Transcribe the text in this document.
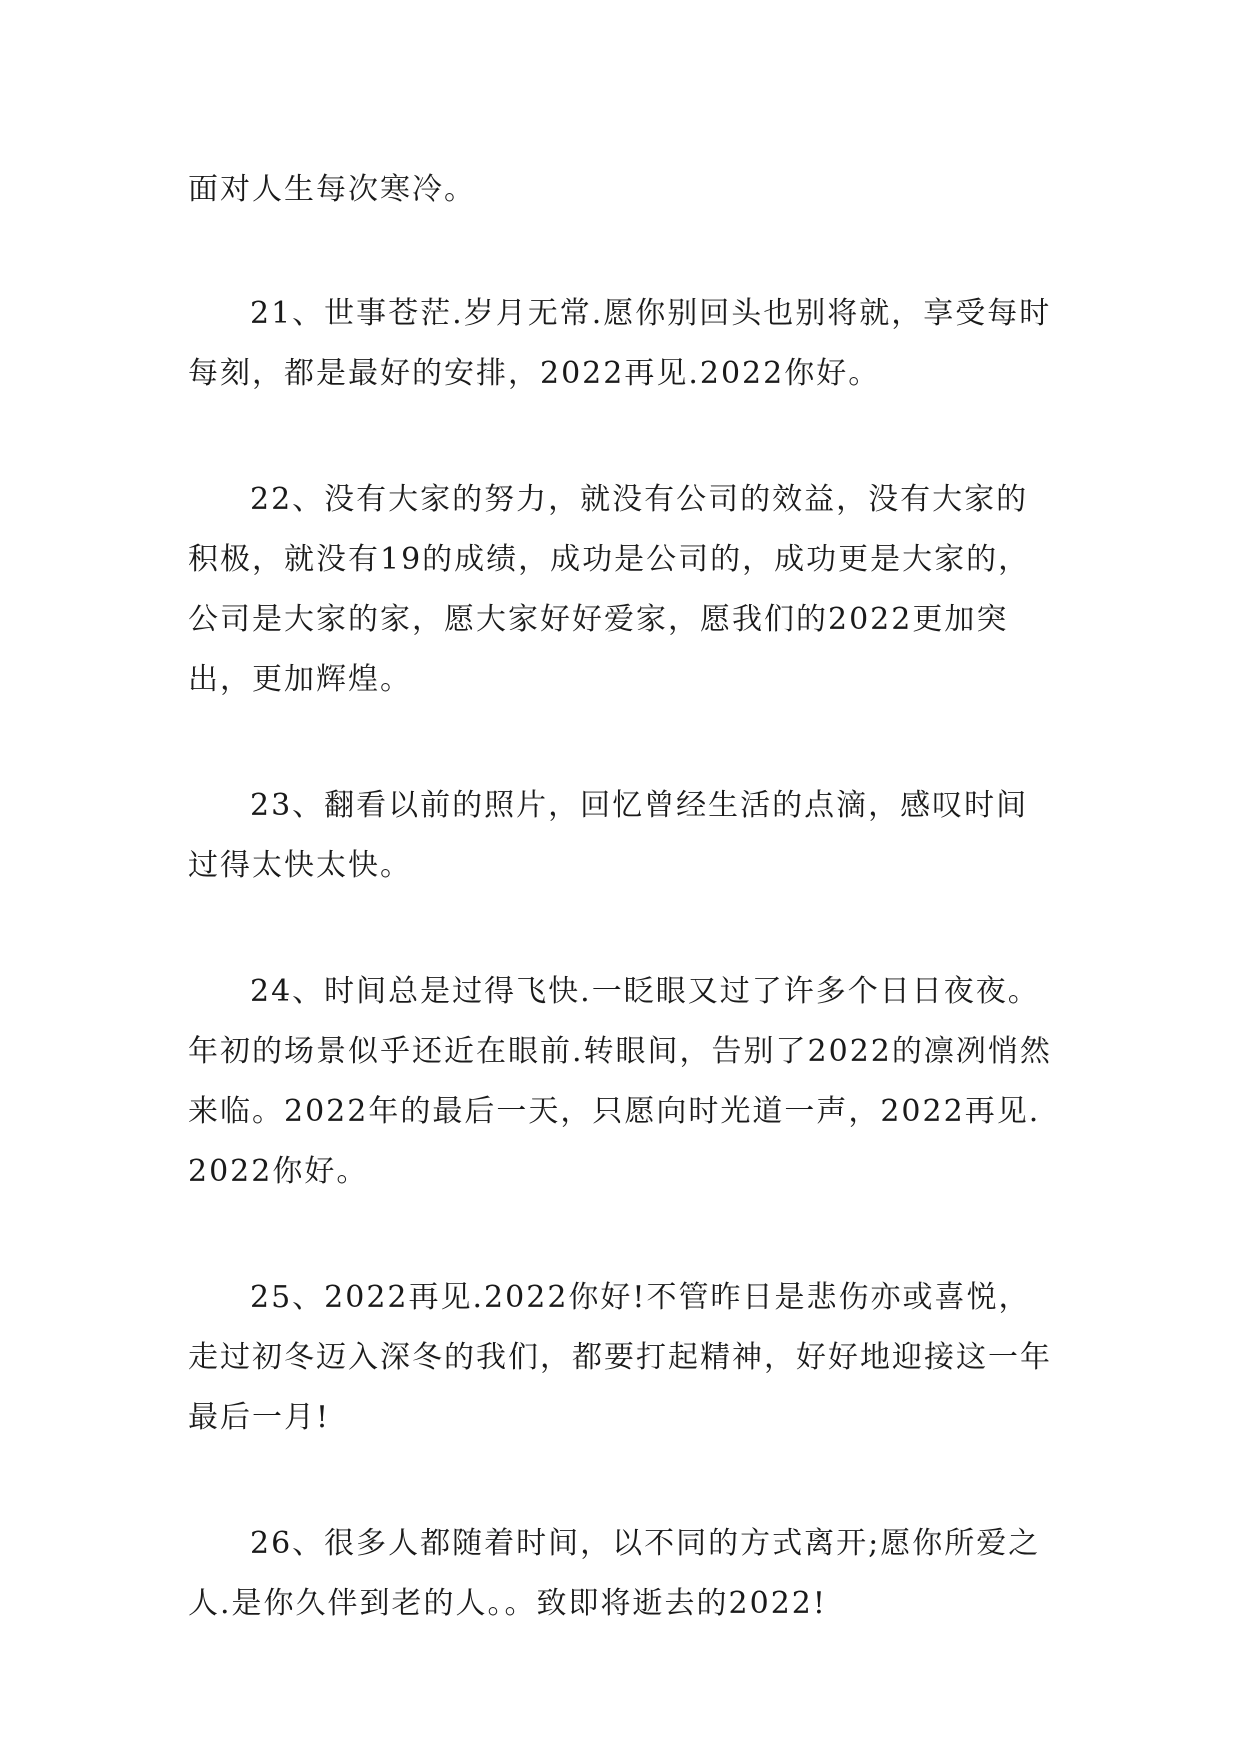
面对人生每次寒冷。

21、世事苍茫.岁月无常.愿你别回头也别将就，享受每时每刻，都是最好的安排，2022再见.2022你好。

22、没有大家的努力，就没有公司的效益，没有大家的积极，就没有19的成绩，成功是公司的，成功更是大家的，公司是大家的家，愿大家好好爱家，愿我们的2022更加突出，更加辉煌。

23、翻看以前的照片，回忆曾经生活的点滴，感叹时间过得太快太快。

24、时间总是过得飞快.一眨眼又过了许多个日日夜夜。年初的场景似乎还近在眼前.转眼间，告别了2022的凛冽悄然来临。2022年的最后一天，只愿向时光道一声，2022再见.2022你好。

25、2022再见.2022你好!不管昨日是悲伤亦或喜悦，走过初冬迈入深冬的我们，都要打起精神，好好地迎接这一年最后一月!

26、很多人都随着时间，以不同的方式离开;愿你所爱之人.是你久伴到老的人。。致即将逝去的2022!
